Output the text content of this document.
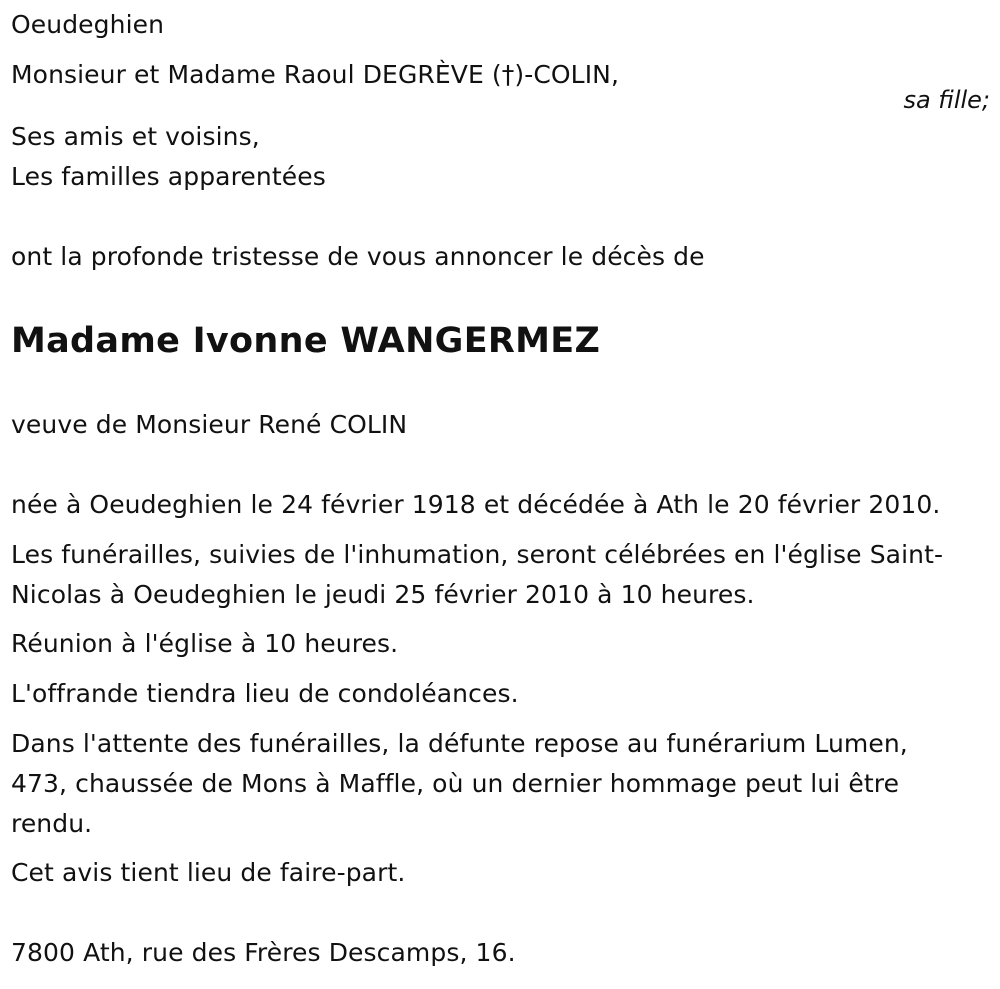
Oeudeghien
Monsieur et Madame Raoul DEGRÈVE (†)-COLIN,
sa fille;
Ses amis et voisins,
Les familles apparentées
ont la profonde tristesse de vous annoncer le décès de
Madame Ivonne WANGERMEZ
veuve de Monsieur René COLIN
née à Oeudeghien le 24 février 1918 et décédée à Ath le 20 février 2010.
Les funérailles, suivies de l'inhumation, seront célébrées en l'église Saint-
Nicolas à Oeudeghien le jeudi 25 février 2010 à 10 heures.
Réunion à l'église à 10 heures.
L'offrande tiendra lieu de condoléances.
Dans l'attente des funérailles, la défunte repose au funérarium Lumen,
473, chaussée de Mons à Maffle, où un dernier hommage peut lui être
rendu.
Cet avis tient lieu de faire-part.
7800 Ath, rue des Frères Descamps, 16.
